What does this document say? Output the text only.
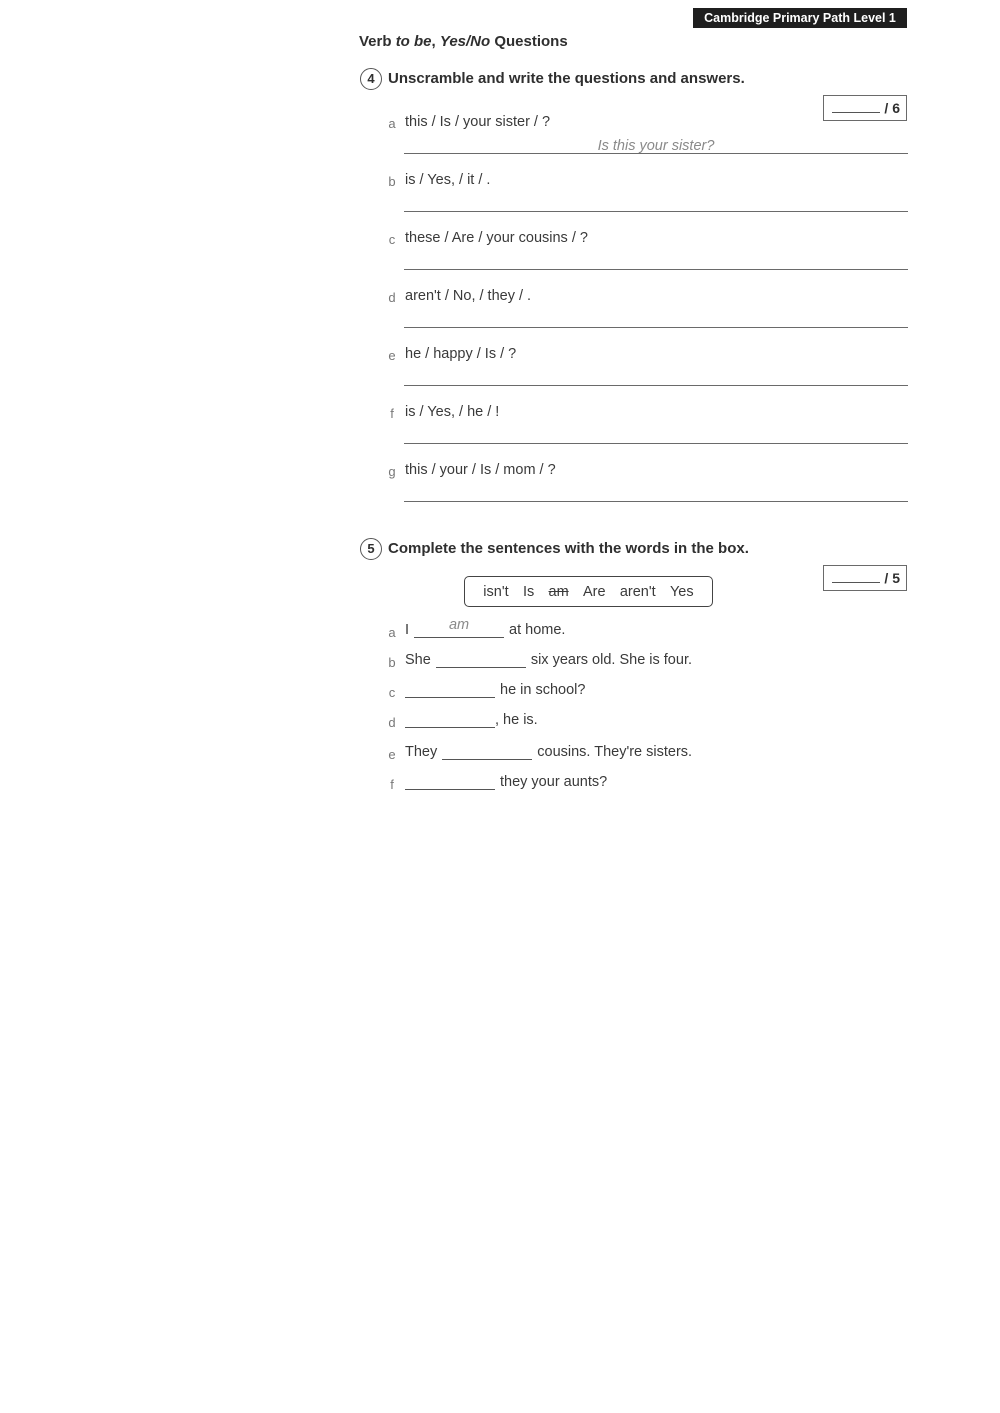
Cambridge Primary Path Level 1
Verb to be, Yes/No Questions
4 Unscramble and write the questions and answers.
/ 6
a this / Is / your sister / ?
Is this your sister?
b is / Yes, / it / .
c these / Are / your cousins / ?
d aren't / No, / they / .
e he / happy / Is / ?
f is / Yes, / he / !
g this / your / Is / mom / ?
5 Complete the sentences with the words in the box.
/ 5
isn't Is am Are aren't Yes
a I	am	at home.
b She	six years old. She is four.
c	he in school?
d	, he is.
e They	cousins. They're sisters.
f	they your aunts?
